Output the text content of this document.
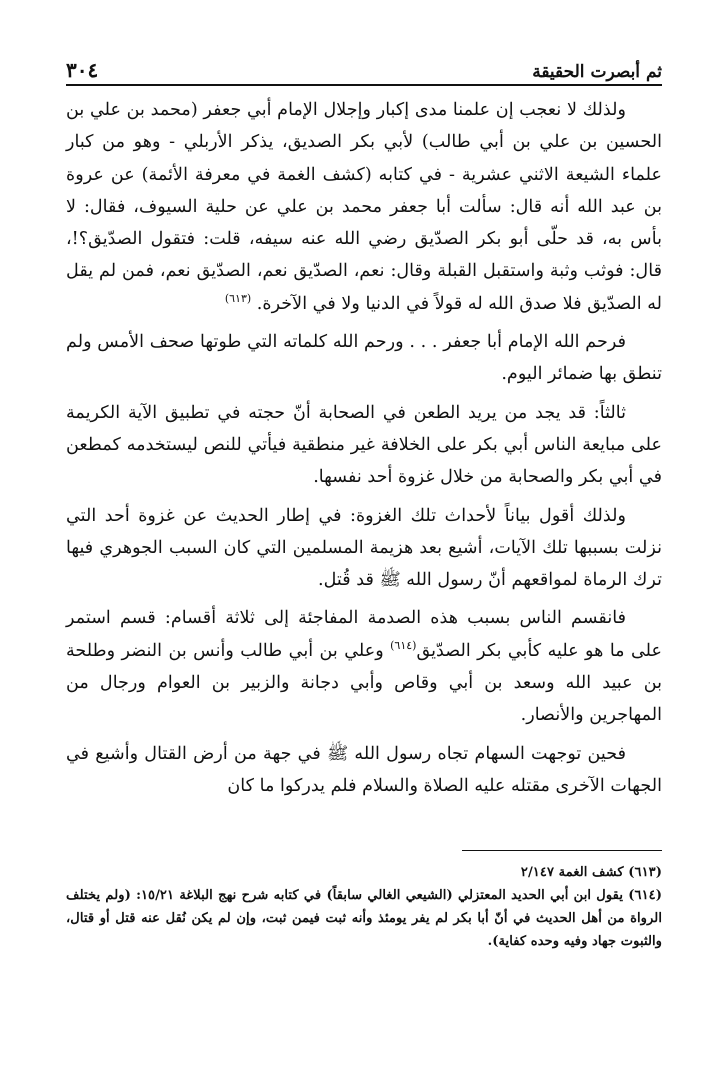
ثم أبصرت الحقيقة
٣٠٤

ولذلك لا نعجب إن علمنا مدى إكبار وإجلال الإمام أبي جعفر (محمد بن علي بن الحسين بن علي بن أبي طالب) لأبي بكر الصديق، يذكر الأربلي - وهو من كبار علماء الشيعة الاثني عشرية - في كتابه (كشف الغمة في معرفة الأئمة) عن عروة بن عبد الله أنه قال: سألت أبا جعفر محمد بن علي عن حلية السيوف، فقال: لا بأس به، قد حلّى أبو بكر الصدّيق رضي الله عنه سيفه، قلت: فتقول الصدّيق؟!، قال: فوثب وثبة واستقبل القبلة وقال: نعم، الصدّيق نعم، الصدّيق نعم، فمن لم يقل له الصدّيق فلا صدق الله له قولاً في الدنيا ولا في الآخرة. $^{(٦١٣)}$

فرحم الله الإمام أبا جعفر . . . ورحم الله كلماته التي طوتها صحف الأمس ولم تنطق بها ضمائر اليوم.

ثالثاً: قد يجد من يريد الطعن في الصحابة أنّ حجته في تطبيق الآية الكريمة على مبايعة الناس أبي بكر على الخلافة غير منطقية فيأتي للنص ليستخدمه كمطعن في أبي بكر والصحابة من خلال غزوة أحد نفسها.

ولذلك أقول بياناً لأحداث تلك الغزوة: في إطار الحديث عن غزوة أحد التي نزلت بسببها تلك الآيات، أشيع بعد هزيمة المسلمين التي كان السبب الجوهري فيها ترك الرماة لمواقعهم أنّ رسول الله ﷺ قد قُتل.

فانقسم الناس بسبب هذه الصدمة المفاجئة إلى ثلاثة أقسام: قسم استمر على ما هو عليه كأبي بكر الصدّيق$^{(٦١٤)}$ وعلي بن أبي طالب وأنس بن النضر وطلحة بن عبيد الله وسعد بن أبي وقاص وأبي دجانة والزبير بن العوام ورجال من المهاجرين والأنصار.

فحين توجهت السهام تجاه رسول الله ﷺ في جهة من أرض القتال وأشيع في الجهات الآخرى مقتله عليه الصلاة والسلام فلم يدركوا ما كان

(٦١٣) كشف الغمة ٢/١٤٧

(٦١٤) يقول ابن أبي الحديد المعتزلي (الشيعي الغالي سابقاً) في كتابه شرح نهج البلاغة ١٥/٢١: (ولم يختلف الرواة من أهل الحديث في أنّ أبا بكر لم يفر يومئذ وأنه ثبت فيمن ثبت، وإن لم يكن نُقل عنه قتل أو قتال، والثبوت جهاد وفيه وحده كفاية).
